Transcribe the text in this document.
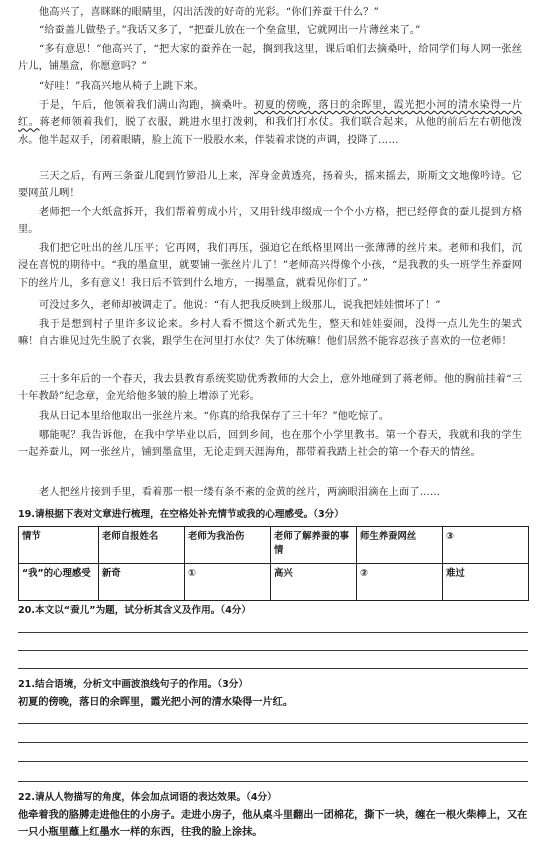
他高兴了，喜眯眯的眼睛里，闪出活泼的好奇的光彩。“你们养蚕干什么？”

“给蚕盖儿做垫子。”我话又多了，“把蚕儿放在一个垒盒里，它就网出一片薄丝来了。”

“多有意思！”他高兴了，“把大家的蚕养在一起，搁到我这里，课后咱们去摘桑叶，给同学们每人网一张丝片儿，铺墨盒，你愿意吗？”

“好哇！”我高兴地从椅子上跳下来。

于是，午后，他领着我们满山沟跑，摘桑叶。初夏的傍晚，落日的余晖里，霞光把小河的清水染得一片红。蒋老师领着我们，脱了衣服，跳进水里打泼剌，和我们打水仗。我们联合起来，从他的前后左右朝他泼水。他半起双手，闭着眼睛，脸上流下一股股水来，伴装着求饶的声调，投降了……

三天之后，有两三条蚕儿爬到竹箩沿儿上来，浑身金黄透亮，扬着头，摇来摇去，斯斯文文地像吟诗。它要网茧儿咧！

老师把一个大纸盒拆开，我们帮着剪成小片，又用针线串缀成一个个小方格，把已经停食的蚕儿提到方格里。

我们把它吐出的丝儿压平；它再网，我们再压，强迫它在纸格里网出一张薄薄的丝片来。老师和我们，沉浸在喜悦的期待中。“我的墨盒里，就要铺一张丝片儿了！”老师高兴得像个小孩，“是我教的头一班学生养蚕网下的丝片儿，多有意义！我日后不管到什么地方，一揭墨盒，就看见你们了。”

可没过多久，老师却被调走了。他说：“有人把我反映到上级那儿，说我把娃娃惯坏了！”

我于是想到村子里许多议论来。乡村人看不惯这个新式先生，整天和娃娃耍闹，没得一点儿先生的架式嘛！自古谁见过先生脱了衣裳，跟学生在河里打水仗？失了体统嘛！他们居然不能容忍孩子喜欢的一位老师！

三十多年后的一个春天，我去县教育系统奖励优秀教师的大会上，意外地碰到了蒋老师。他的胸前挂着“三十年教龄”纪念章，金光给他多皱的脸上增添了光彩。

我从日记本里给他取出一张丝片来。“你真的给我保存了三十年？”他吃惊了。

哪能呢？我告诉他，在我中学毕业以后，回到乡间，也在那个小学里教书。第一个春天，我就和我的学生一起养蚕儿，网一张丝片，铺到墨盒里，无论走到天涯海角，都带着我踏上社会的第一个春天的情丝。

老人把丝片接到手里，看着那一根一缕有条不紊的金黄的丝片，两滴眼泪滴在上面了……

19.请根据下表对文章进行梳理，在空格处补充情节或我的心理感受。（3分）

情节	老师自报姓名	老师为我治伤	老师了解养蚕的事情	师生养蚕网丝	③
“我”的心理感受	新奇	①	高兴	②	难过

20.本文以“蚕儿”为题，试分析其含义及作用。（4分）

21.结合语境，分析文中画波浪线句子的作用。（3分）

初夏的傍晚，落日的余晖里，霞光把小河的清水染得一片红。

22.请从人物描写的角度，体会加点词语的表达效果。（4分）

他牵着我的胳膊走进他住的小房子。走进小房子，他从桌斗里翻出一团棉花，撕下一块，缠在一根火柴棒上，又在一只小瓶里蘸上红墨水一样的东西，往我的脸上涂抹。
